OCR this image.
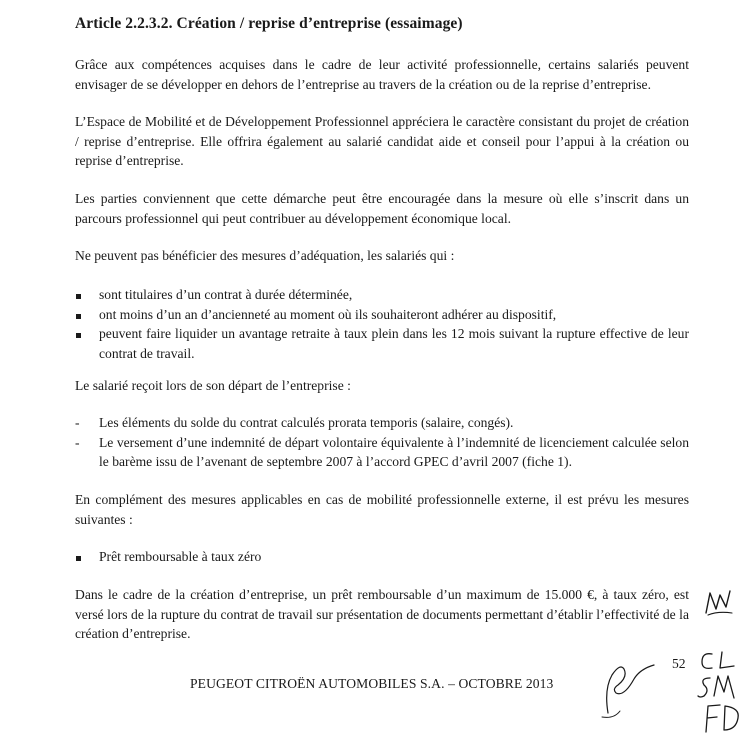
Article 2.2.3.2. Création / reprise d’entreprise (essaimage)
Grâce aux compétences acquises dans le cadre de leur activité professionnelle, certains salariés peuvent envisager de se développer en dehors de l’entreprise au travers de la création ou de la reprise d’entreprise.
L’Espace de Mobilité et de Développement Professionnel appréciera le caractère consistant du projet de création / reprise d’entreprise. Elle offrira également au salarié candidat aide et conseil pour l’appui à la création ou reprise d’entreprise.
Les parties conviennent que cette démarche peut être encouragée dans la mesure où elle s’inscrit dans un parcours professionnel qui peut contribuer au développement économique local.
Ne peuvent pas bénéficier des mesures d’adéquation, les salariés qui :
sont titulaires d’un contrat à durée déterminée,
ont moins d’un an d’ancienneté au moment où ils souhaiteront adhérer au dispositif,
peuvent faire liquider un avantage retraite à taux plein dans les 12 mois suivant la rupture effective de leur contrat de travail.
Le salarié reçoit lors de son départ de l’entreprise :
-	Les éléments du solde du contrat calculés prorata temporis (salaire, congés).
-	Le versement d’une indemnité de départ volontaire équivalente à l’indemnité de licenciement calculée selon le barème issu de l’avenant de septembre 2007 à l’accord GPEC d’avril 2007 (fiche 1).
En complément des mesures applicables en cas de mobilité professionnelle externe, il est prévu les mesures suivantes :
Prêt remboursable à taux zéro
Dans le cadre de la création d’entreprise, un prêt remboursable d’un maximum de 15.000 €, à taux zéro, est versé lors de la rupture du contrat de travail sur présentation de documents permettant d’établir l’effectivité de la création d’entreprise.
52
PEUGEOT CITROËN AUTOMOBILES S.A. – OCTOBRE 2013
